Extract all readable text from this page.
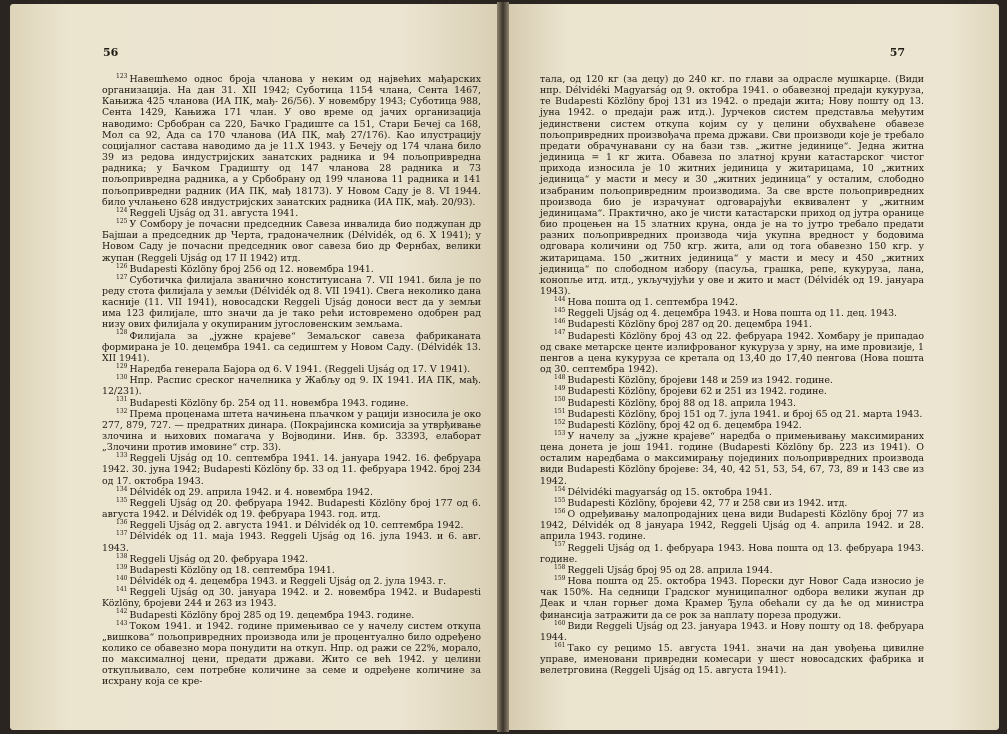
56

$^{123}$ Навешћемо однос броја чланова у неким од највећих мађарских организација. На дан 31. XII 1942; Суботица 1154 члана, Сента 1467, Кањижа 425 чланова (ИА ПК, мађ- 26/56). У новембру 1943; Суботица 988, Сента 1429, Кањижа 171 члан. У ово време од јачих организација наводимо: Србобран са 220, Бачко Градиште са 151, Стари Бечеј са 168, Мол са 92, Ада са 170 чланова (ИА ПК, мађ 27/176). Као илустрацију социјалног састава наводимо да је 11.X 1943. у Бечеју од 174 члана било 39 из редова индустријских занатских радника и 94 пољопривредна радника; у Бачком Градишту од 147 чланова 28 радника и 73 пољопривредна радника, а у Србобрану од 199 чланова 11 радника и 141 пољопривредни радник (ИА ПК, мађ 18173). У Новом Саду је 8. VI 1944. било учлањено 628 индустријских занатских радника (ИА ПК, мађ. 20/93).

$^{124}$ Reggeli Ujság од 31. августа 1941.

$^{125}$ У Сомбору је почасни председник Савеза инвалида био поджупан др Бајшаи а председник др Черта, градоначелник (Délvidék, од 6. X 1941); у Новом Саду је почасни председник овог савеза био др Фернбах, велики жупан (Reggeli Ujság од 17 II 1942) итд.

$^{126}$ Budapesti Közlöny број 256 од 12. новембра 1941.

$^{127}$ Суботичка филијала званично конституисана 7. VII 1941. била је по реду стота филијала у земљи (Délvidék од 8. VII 1941). Свега неколико дана касније (11. VII 1941), новосадски Reggeli Ujság доноси вест да у земљи има 123 филијале, што значи да је тако рећи истовремено одобрен рад низу ових филијала у окупираним југословенским земљама.

$^{128}$ Филијала за „јужне крајеве“ Земаљског савеза фабриканата формирана је 10. децембра 1941. са седиштем у Новом Саду. (Délvidék 13. XII 1941).

$^{129}$ Наредба генерала Бајора од 6. V 1941. (Reggeli Ujság од 17. V 1941).

$^{130}$ Нпр. Распис среског начелника у Жабљу од 9. IX 1941. ИА ПК, мађ. 12/231).

$^{131}$ Budapesti Közlöny бр. 254 од 11. новембра 1943. године.

$^{132}$ Према проценама штета начињена пљачком у рацији износила је око 277, 879, 727. — предратних динара. (Покрајинска комисија за утврђивање злочина и њихових помагача у Војводини. Инв. бр. 33393, елаборат „Злочини против имовине“ стр. 33).

$^{133}$ Reggeli Ujság од 10. септембра 1941. 14. јануара 1942. 16. фебруара 1942. 30. јуна 1942; Budapesti Közlöny бр. 33 од 11. фебруара 1942. број 234 од 17. октобра 1943.

$^{134}$ Délvidék од 29. априла 1942. и 4. новембра 1942.

$^{135}$ Reggeli Ujság од 20. фебруара 1942. Budapesti Közlöny број 177 од 6. августа 1942. и Délvidék од 19. фебруара 1943. год. итд.

$^{136}$ Reggeli Ujság од 2. августа 1941. и Délvidék од 10. септембра 1942.

$^{137}$ Délvidék од 11. маја 1943. Reggeli Ujság од 16. јула 1943. и 6. авг. 1943.

$^{138}$ Reggeli Ujság од 20. фебруара 1942.

$^{139}$ Budapesti Közlöny од 18. септембра 1941.

$^{140}$ Délvidék од 4. децембра 1943. и Reggeli Ujság од 2. јула 1943. г.

$^{141}$ Reggeli Ujság од 30. јануара 1942. и 2. новембра 1942. и Budapesti Közlöny, бројеви 244 и 263 из 1943.

$^{142}$ Budapesti Közlöny број 285 од 19. децембра 1943. године.

$^{143}$ Током 1941. и 1942. године примењивао се у начелу систем откупа „вишкова“ пољопривредних производа или је процентуално било одређено колико се обавезно мора понудити на откуп. Нпр. од ражи се 22%, морало, по максималној цени, предати држави. Жито се већ 1942. у целини откупљивало, сем потребне количине за семе и одређене количине за исхрану која се кре-

57

тала, од 120 кг (за децу) до 240 кг. по глави за одрасле мушкарце. (Види нпр. Délvidéki Magyarság од 9. октобра 1941. о обавезној предаји кукуруза, те Budapesti Közlöny број 131 из 1942. о предаји жита; Нову пошту од 13. јуна 1942. о предаји раж итд.). Јурчеков систем представља међутим јединствени систем откупа којим су у целини обухваћене обавезе пољопривредних произвођача према држави. Сви производи које је требало предати обрачунавани су на бази тзв. „житне јединице“. Једна житна јединица = 1 кг жита. Обавеза по златној круни катастарског чистог прихода износила је 10 житних јединица у житарицама, 10 „житних јединица“ у масти и месу и 30 „житних јединица“ у осталим, слободно изабраним пољопривредним производима. За све врсте пољопривредних производа био је израчунат одговарајући еквивалент у „житним јединицама“. Практично, ако је чисти катастарски приход од јутра оранице био процењен на 15 златних круна, онда је на то јутро требало предати разних пољопривредних производа чија укупна вредност у бодовима одговара количини од 750 кгр. жита, али од тога обавезно 150 кгр. у житарицама. 150 „житних јединица“ у масти и месу и 450 „житних јединица“ по слободном избору (пасуља, грашка, репе, кукуруза, лана, конопље итд. итд., укључујући у ове и жито и маст (Délvidék од 19. јануара 1943).

$^{144}$ Нова пошта од 1. септембра 1942.

$^{145}$ Reggeli Ujság од 4. децембра 1943. и Нова пошта од 11. дец. 1943.

$^{146}$ Budapesti Közlöny број 287 од 20. децембра 1941.

$^{147}$ Budapesti Közlöny број 43 од 22. фебруара 1942. Хомбару је припадао од сваке метарске центе излифрованог кукуруза у зрну, на име провизије, 1 пенгов а цена кукуруза се кретала од 13,40 до 17,40 пенгова (Нова пошта од 30. септембра 1942).

$^{148}$ Budapesti Közlöny, бројеви 148 и 259 из 1942. године.

$^{149}$ Budapesti Közlöny, бројеви 62 и 251 из 1942. године.

$^{150}$ Budapesti Közlöny, број 88 од 18. априла 1943.

$^{151}$ Budapesti Közlöny, број 151 од 7. јула 1941. и број 65 од 21. марта 1943.

$^{152}$ Budapesti Közlöny, број 42 од 6. децембра 1942.

$^{153}$ У начелу за „јужне крајеве“ наредба о примењивању максимираних цена донета је још 1941. године (Budapesti Közlöny бр. 223 из 1941). О осталим наредбама о максимирању појединих пољопривредних производа види Budapesti Közlöny бројеве: 34, 40, 42 51, 53, 54, 67, 73, 89 и 143 све из 1942.

$^{154}$ Délvidéki magyarság од 15. октобра 1941.

$^{155}$ Budapesti Közlöny, бројеви 42, 77 и 258 сви из 1942. итд.

$^{156}$ О одређивању малопродајних цена види Budapesti Közlöny број 77 из 1942, Délvidék од 8 јануара 1942, Reggeli Ujság од 4. априла 1942. и 28. априла 1943. године.

$^{157}$ Reggeli Ujság од 1. фебруара 1943. Нова пошта од 13. фебруара 1943. године.

$^{158}$ Reggeli Ujság број 95 од 28. априла 1944.

$^{159}$ Нова пошта од 25. октобра 1943. Порески дуг Новог Сада износио је чак 150%. На седници Градског муниципалног одбора велики жупан др Деак и члан горњег дома Крамер Ђула обећали су да ће од министра финансија затражити да се рок за наплату пореза продужи.

$^{160}$ Види Reggeli Ujság од 23. јануара 1943. и Нову пошту од 18. фебруара 1944.

$^{161}$ Тако су рецимо 15. августа 1941. значи на дан увођења цивилне управе, именовани привредни комесари у шест новосадских фабрика и велетрговина (Reggeli Ujság од 15. августа 1941).
